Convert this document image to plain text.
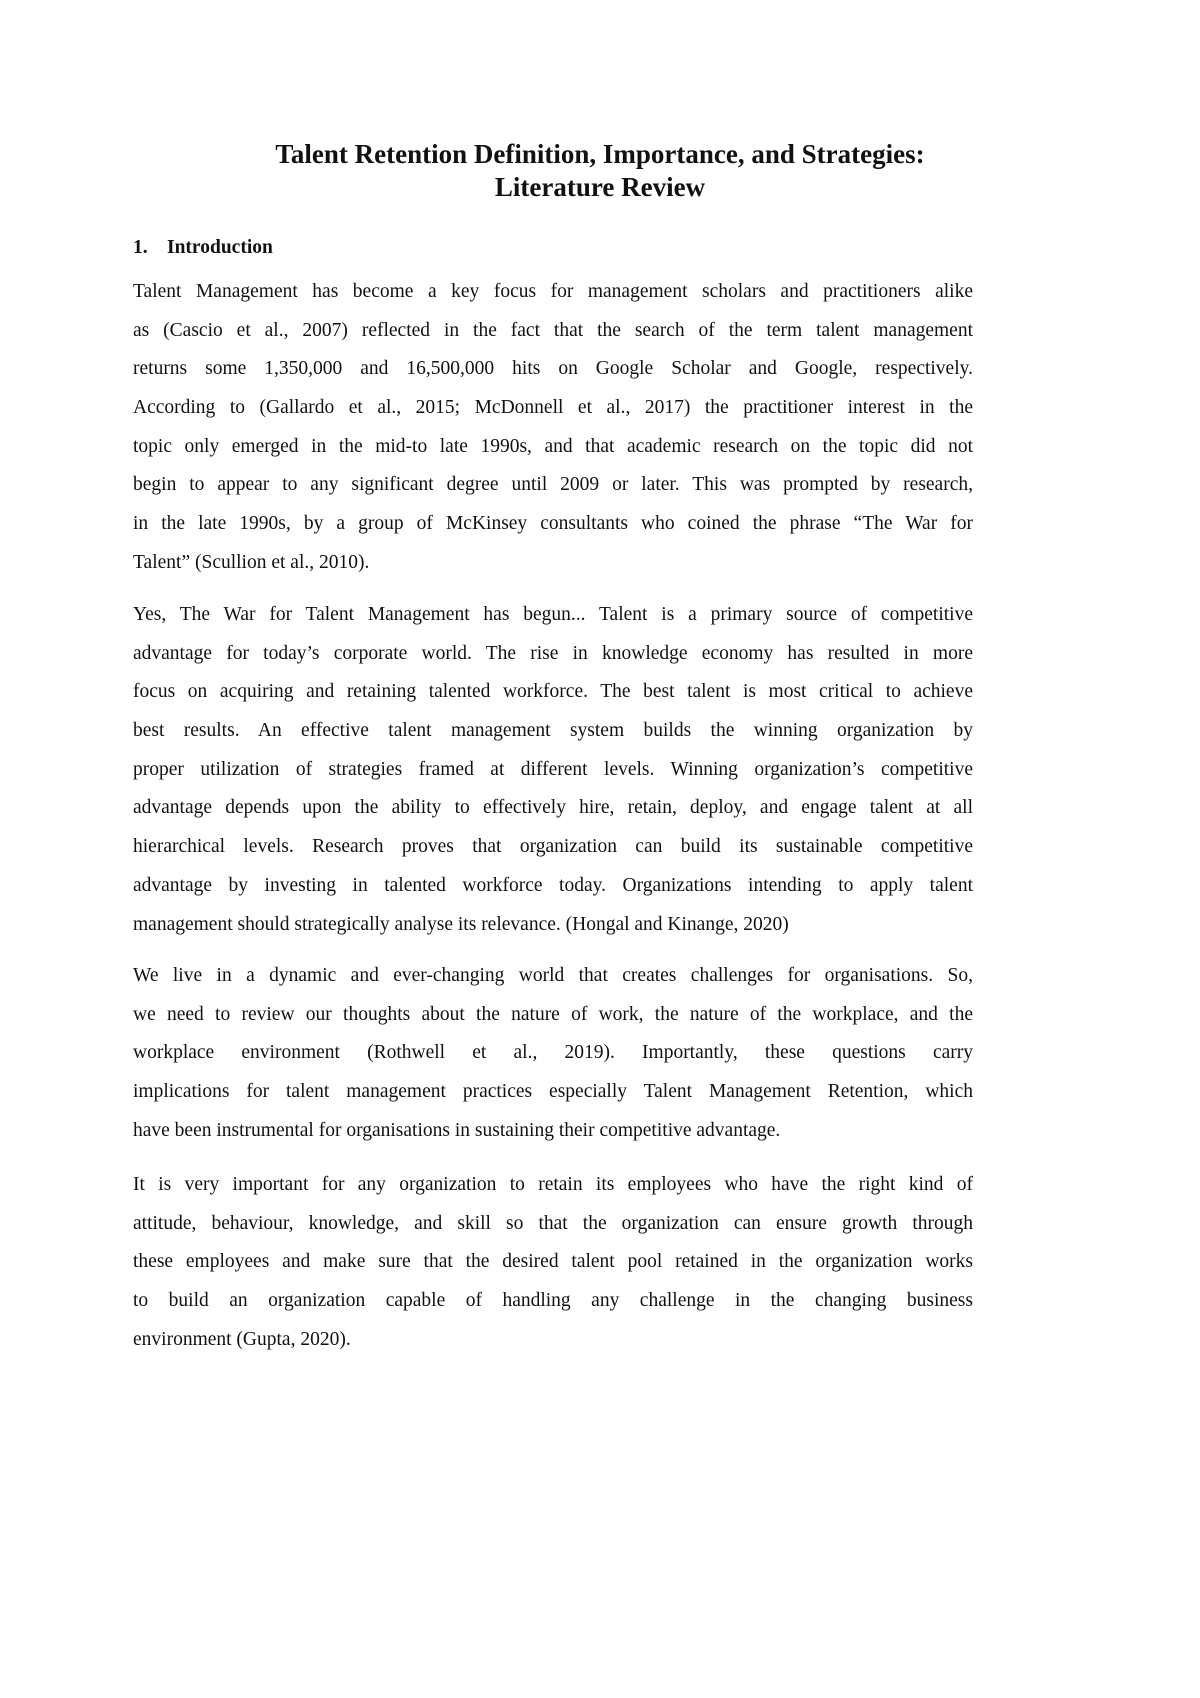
Talent Retention Definition, Importance, and Strategies:
Literature Review
1. Introduction
Talent Management has become a key focus for management scholars and practitioners alike
as (Cascio et al., 2007) reflected in the fact that the search of the term talent management
returns some 1,350,000 and 16,500,000 hits on Google Scholar and Google, respectively.
According to (Gallardo et al., 2015; McDonnell et al., 2017) the practitioner interest in the
topic only emerged in the mid-to late 1990s, and that academic research on the topic did not
begin to appear to any significant degree until 2009 or later. This was prompted by research,
in the late 1990s, by a group of McKinsey consultants who coined the phrase “The War for
Talent” (Scullion et al., 2010).
Yes, The War for Talent Management has begun... Talent is a primary source of competitive
advantage for today’s corporate world. The rise in knowledge economy has resulted in more
focus on acquiring and retaining talented workforce. The best talent is most critical to achieve
best results. An effective talent management system builds the winning organization by
proper utilization of strategies framed at different levels. Winning organization’s competitive
advantage depends upon the ability to effectively hire, retain, deploy, and engage talent at all
hierarchical levels. Research proves that organization can build its sustainable competitive
advantage by investing in talented workforce today. Organizations intending to apply talent
management should strategically analyse its relevance. (Hongal and Kinange, 2020)
We live in a dynamic and ever-changing world that creates challenges for organisations. So,
we need to review our thoughts about the nature of work, the nature of the workplace, and the
workplace environment (Rothwell et al., 2019). Importantly, these questions carry
implications for talent management practices especially Talent Management Retention, which
have been instrumental for organisations in sustaining their competitive advantage.
It is very important for any organization to retain its employees who have the right kind of
attitude, behaviour, knowledge, and skill so that the organization can ensure growth through
these employees and make sure that the desired talent pool retained in the organization works
to build an organization capable of handling any challenge in the changing business
environment (Gupta, 2020).
